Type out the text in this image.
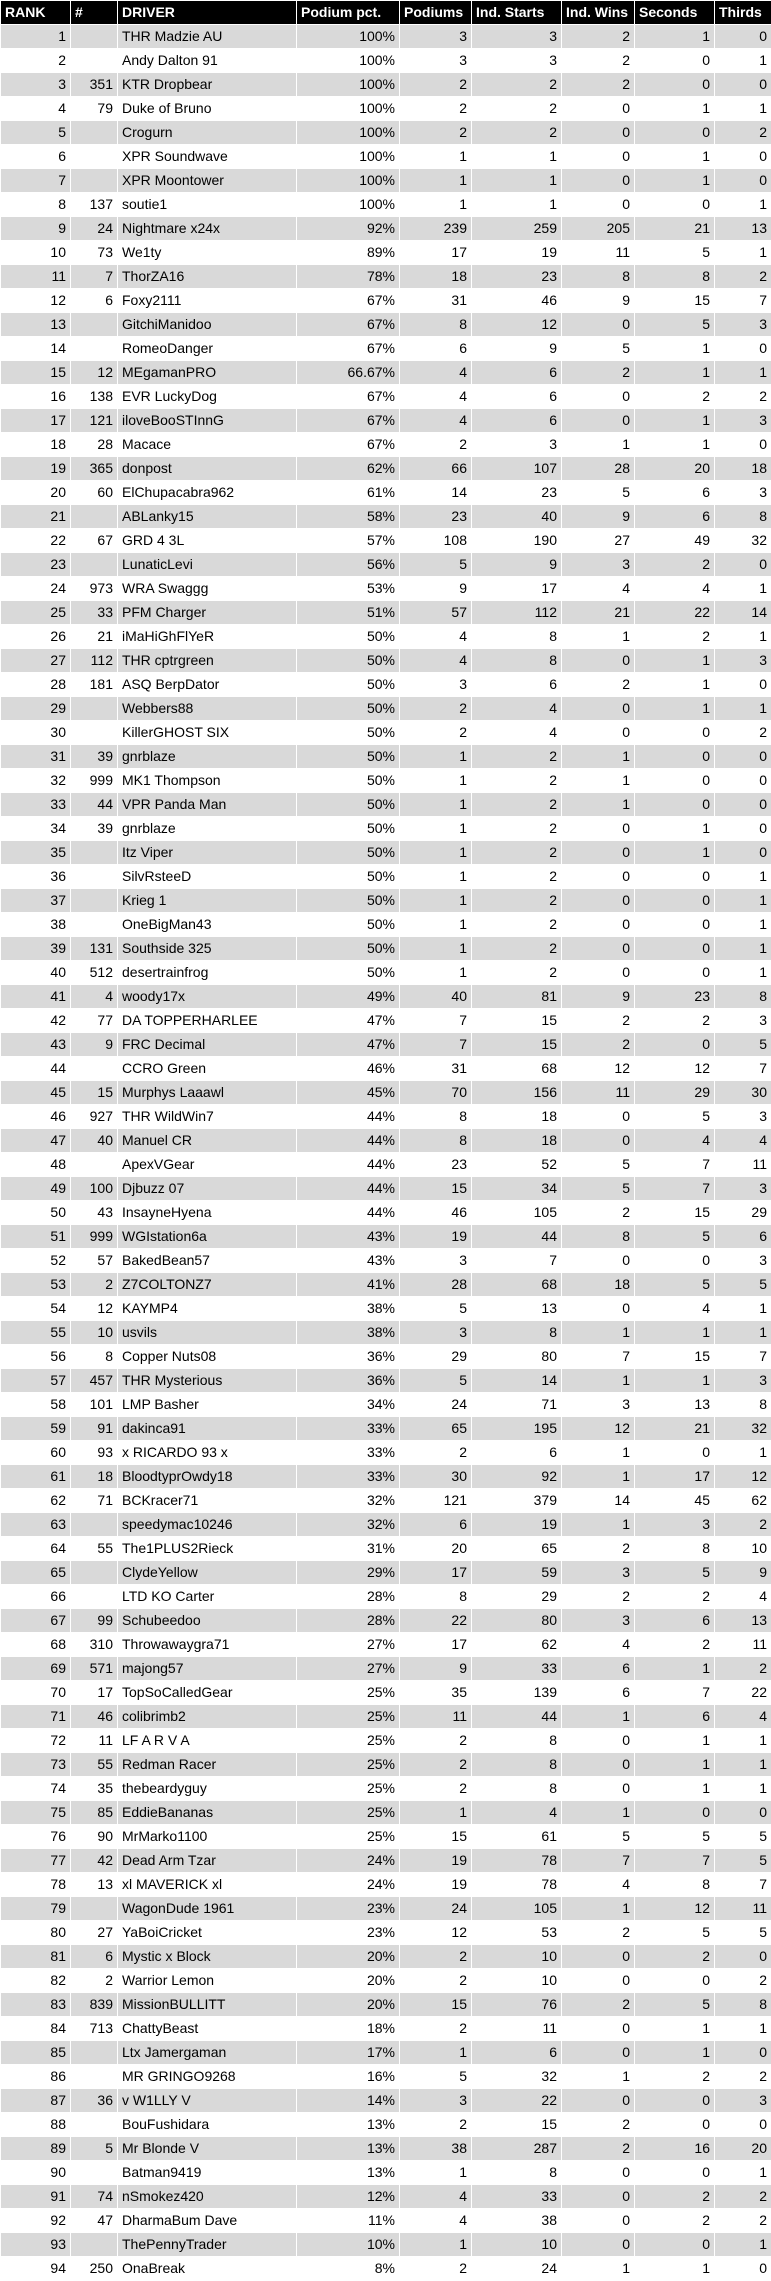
RANK	#	DRIVER	Podium pct.	Podiums	Ind. Starts	Ind. Wins	Seconds	Thirds
1		THR Madzie AU	100%	3	3	2	1	0
2		Andy Dalton 91	100%	3	3	2	0	1
3	351	KTR Dropbear	100%	2	2	2	0	0
4	79	Duke of Bruno	100%	2	2	0	1	1
5		Crogurn	100%	2	2	0	0	2
6		XPR Soundwave	100%	1	1	0	1	0
7		XPR Moontower	100%	1	1	0	1	0
8	137	soutie1	100%	1	1	0	0	1
9	24	Nightmare x24x	92%	239	259	205	21	13
10	73	We1ty	89%	17	19	11	5	1
11	7	ThorZA16	78%	18	23	8	8	2
12	6	Foxy2111	67%	31	46	9	15	7
13		GitchiManidoo	67%	8	12	0	5	3
14		RomeoDanger	67%	6	9	5	1	0
15	12	MEgamanPRO	66.67%	4	6	2	1	1
16	138	EVR LuckyDog	67%	4	6	0	2	2
17	121	iloveBooSTInnG	67%	4	6	0	1	3
18	28	Macace	67%	2	3	1	1	0
19	365	donpost	62%	66	107	28	20	18
20	60	ElChupacabra962	61%	14	23	5	6	3
21		ABLanky15	58%	23	40	9	6	8
22	67	GRD 4 3L	57%	108	190	27	49	32
23		LunaticLevi	56%	5	9	3	2	0
24	973	WRA Swaggg	53%	9	17	4	4	1
25	33	PFM Charger	51%	57	112	21	22	14
26	21	iMaHiGhFlYeR	50%	4	8	1	2	1
27	112	THR cptrgreen	50%	4	8	0	1	3
28	181	ASQ BerpDator	50%	3	6	2	1	0
29		Webbers88	50%	2	4	0	1	1
30		KillerGHOST SIX	50%	2	4	0	0	2
31	39	gnrblaze	50%	1	2	1	0	0
32	999	MK1 Thompson	50%	1	2	1	0	0
33	44	VPR Panda Man	50%	1	2	1	0	0
34	39	gnrblaze	50%	1	2	0	1	0
35		Itz Viper	50%	1	2	0	1	0
36		SilvRsteeD	50%	1	2	0	0	1
37		Krieg 1	50%	1	2	0	0	1
38		OneBigMan43	50%	1	2	0	0	1
39	131	Southside 325	50%	1	2	0	0	1
40	512	desertrainfrog	50%	1	2	0	0	1
41	4	woody17x	49%	40	81	9	23	8
42	77	DA TOPPERHARLEE	47%	7	15	2	2	3
43	9	FRC Decimal	47%	7	15	2	0	5
44		CCRO Green	46%	31	68	12	12	7
45	15	Murphys Laaawl	45%	70	156	11	29	30
46	927	THR WildWin7	44%	8	18	0	5	3
47	40	Manuel CR	44%	8	18	0	4	4
48		ApexVGear	44%	23	52	5	7	11
49	100	Djbuzz 07	44%	15	34	5	7	3
50	43	InsayneHyena	44%	46	105	2	15	29
51	999	WGIstation6a	43%	19	44	8	5	6
52	57	BakedBean57	43%	3	7	0	0	3
53	2	Z7COLTONZ7	41%	28	68	18	5	5
54	12	KAYMP4	38%	5	13	0	4	1
55	10	usvils	38%	3	8	1	1	1
56	8	Copper Nuts08	36%	29	80	7	15	7
57	457	THR Mysterious	36%	5	14	1	1	3
58	101	LMP Basher	34%	24	71	3	13	8
59	91	dakinca91	33%	65	195	12	21	32
60	93	x RICARDO 93 x	33%	2	6	1	0	1
61	18	BloodtyprOwdy18	33%	30	92	1	17	12
62	71	BCKracer71	32%	121	379	14	45	62
63		speedymac10246	32%	6	19	1	3	2
64	55	The1PLUS2Rieck	31%	20	65	2	8	10
65		ClydeYellow	29%	17	59	3	5	9
66		LTD KO Carter	28%	8	29	2	2	4
67	99	Schubeedoo	28%	22	80	3	6	13
68	310	Throwawaygra71	27%	17	62	4	2	11
69	571	majong57	27%	9	33	6	1	2
70	17	TopSoCalledGear	25%	35	139	6	7	22
71	46	colibrimb2	25%	11	44	1	6	4
72	11	LF A R V A	25%	2	8	0	1	1
73	55	Redman Racer	25%	2	8	0	1	1
74	35	thebeardyguy	25%	2	8	0	1	1
75	85	EddieBananas	25%	1	4	1	0	0
76	90	MrMarko1100	25%	15	61	5	5	5
77	42	Dead Arm Tzar	24%	19	78	7	7	5
78	13	xl MAVERICK xl	24%	19	78	4	8	7
79		WagonDude 1961	23%	24	105	1	12	11
80	27	YaBoiCricket	23%	12	53	2	5	5
81	6	Mystic x Block	20%	2	10	0	2	0
82	2	Warrior Lemon	20%	2	10	0	0	2
83	839	MissionBULLITT	20%	15	76	2	5	8
84	713	ChattyBeast	18%	2	11	0	1	1
85		Ltx Jamergaman	17%	1	6	0	1	0
86		MR GRINGO9268	16%	5	32	1	2	2
87	36	v W1LLY V	14%	3	22	0	0	3
88		BouFushidara	13%	2	15	2	0	0
89	5	Mr Blonde V	13%	38	287	2	16	20
90		Batman9419	13%	1	8	0	0	1
91	74	nSmokez420	12%	4	33	0	2	2
92	47	DharmaBum Dave	11%	4	38	0	2	2
93		ThePennyTrader	10%	1	10	0	0	1
94	250	OnaBreak	8%	2	24	1	1	0
